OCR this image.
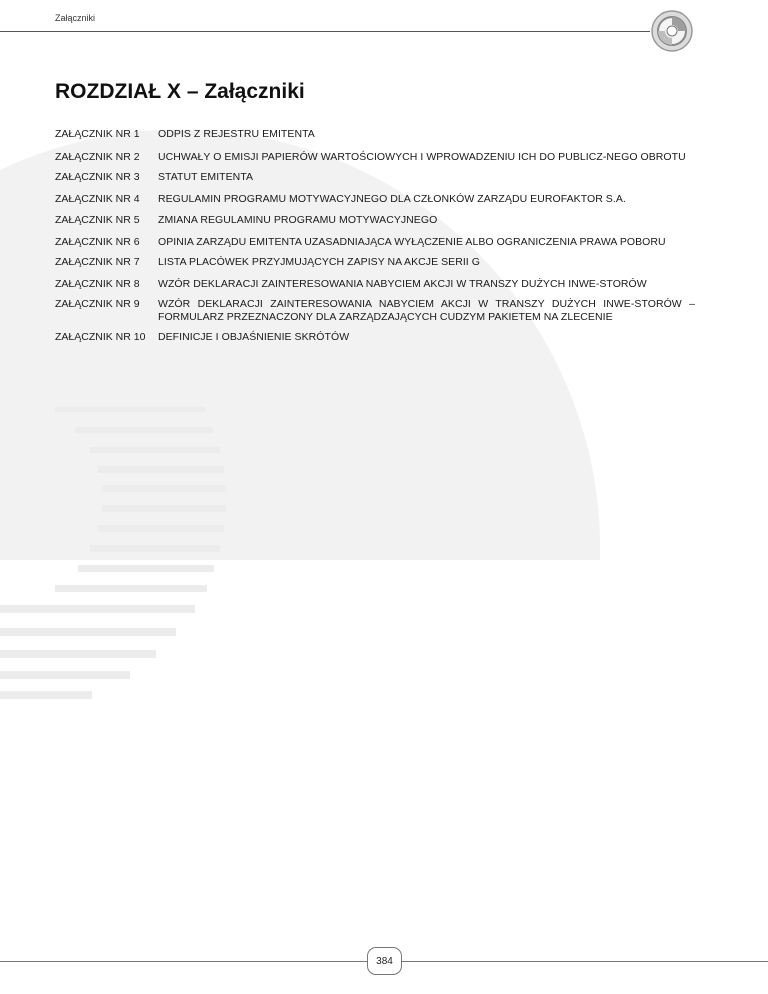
Załączniki
ROZDZIAŁ X – Załączniki
ZAŁĄCZNIK NR 1	ODPIS Z REJESTRU EMITENTA
ZAŁĄCZNIK NR 2	UCHWAŁY O EMISJI PAPIERÓW WARTOŚCIOWYCH I WPROWADZENIU ICH DO PUBLICZ-NEGO OBROTU
ZAŁĄCZNIK NR 3	STATUT EMITENTA
ZAŁĄCZNIK NR 4	REGULAMIN PROGRAMU MOTYWACYJNEGO DLA CZŁONKÓW ZARZĄDU EUROFAKTOR S.A.
ZAŁĄCZNIK NR 5	ZMIANA REGULAMINU PROGRAMU MOTYWACYJNEGO
ZAŁĄCZNIK NR 6	OPINIA ZARZĄDU EMITENTA UZASADNIAJĄCA WYŁĄCZENIE ALBO OGRANICZENIA PRAWA POBORU
ZAŁĄCZNIK NR 7	LISTA PLACÓWEK PRZYJMUJĄCYCH ZAPISY NA AKCJE SERII G
ZAŁĄCZNIK NR 8	WZÓR DEKLARACJI ZAINTERESOWANIA NABYCIEM AKCJI W TRANSZY DUŻYCH INWE-STORÓW
ZAŁĄCZNIK NR 9	WZÓR DEKLARACJI ZAINTERESOWANIA NABYCIEM AKCJI W TRANSZY DUŻYCH INWE-STORÓW – FORMULARZ PRZEZNACZONY DLA ZARZĄDZAJĄCYCH CUDZYM PAKIETEM NA ZLECENIE
ZAŁĄCZNIK NR 10	DEFINICJE I OBJAŚNIENIE SKRÓTÓW
384
